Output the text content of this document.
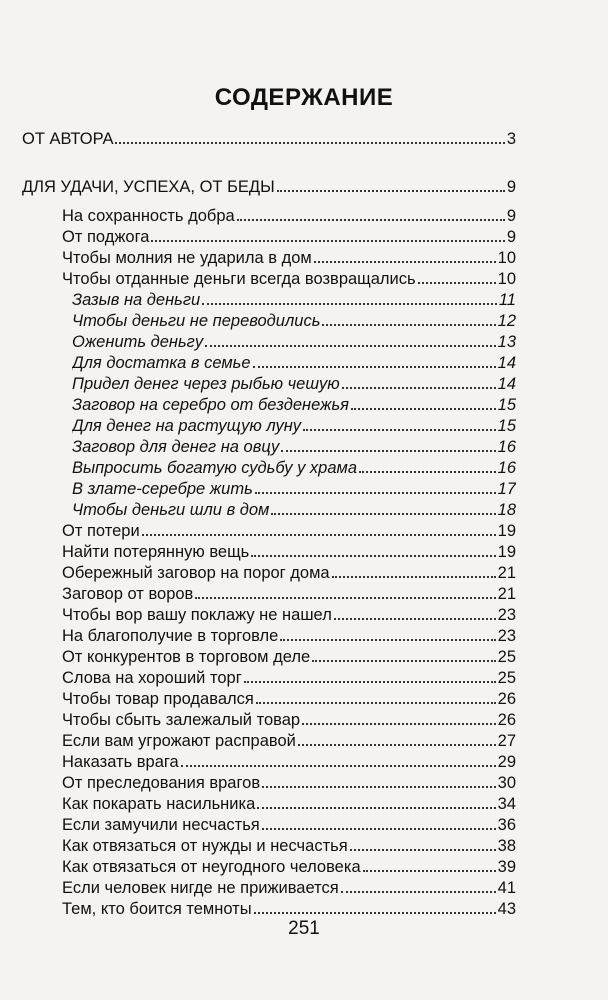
СОДЕРЖАНИЕ
ОТ АВТОРА	3
ДЛЯ УДАЧИ, УСПЕХА, ОТ БЕДЫ	9
На сохранность добра	9
От поджога	9
Чтобы молния не ударила в дом	10
Чтобы отданные деньги всегда возвращались	10
Зазыв на деньги	11
Чтобы деньги не переводились	12
Оженить деньгу	13
Для достатка в семье	14
Придел денег через рыбью чешую	14
Заговор на серебро от безденежья	15
Для денег на растущую луну	15
Заговор для денег на овцу	16
Выпросить богатую судьбу у храма	16
В злате-серебре жить	17
Чтобы деньги шли в дом	18
От потери	19
Найти потерянную вещь	19
Обережный заговор на порог дома	21
Заговор от воров	21
Чтобы вор вашу поклажу не нашел	23
На благополучие в торговле	23
От конкурентов в торговом деле	25
Слова на хороший торг	25
Чтобы товар продавался	26
Чтобы сбыть залежалый товар	26
Если вам угрожают расправой	27
Наказать врага	29
От преследования врагов	30
Как покарать насильника	34
Если замучили несчастья	36
Как отвязаться от нужды и несчастья	38
Как отвязаться от неугодного человека	39
Если человек нигде не приживается	41
Тем, кто боится темноты	43
251
